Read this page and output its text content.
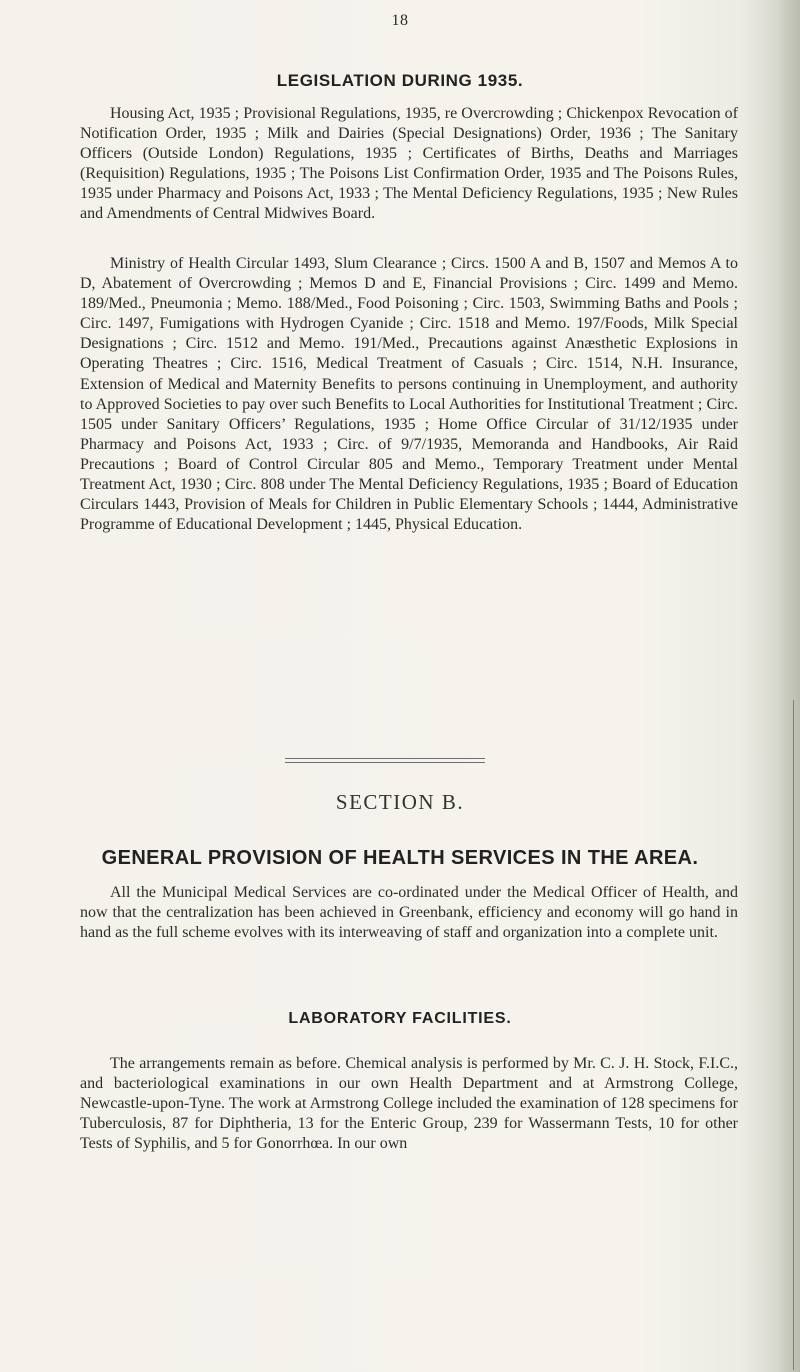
18
LEGISLATION DURING 1935.

Housing Act, 1935 ; Provisional Regulations, 1935, re Overcrowding ; Chickenpox Revocation of Notification Order, 1935 ; Milk and Dairies (Special Designations) Order, 1936 ; The Sanitary Officers (Outside London) Regulations, 1935 ; Certificates of Births, Deaths and Marriages (Requisition) Regulations, 1935 ; The Poisons List Confirmation Order, 1935 and The Poisons Rules, 1935 under Pharmacy and Poisons Act, 1933 ; The Mental Deficiency Regulations, 1935 ; New Rules and Amendments of Central Midwives Board.

Ministry of Health Circular 1493, Slum Clearance ; Circs. 1500 A and B, 1507 and Memos A to D, Abatement of Overcrowding ; Memos D and E, Financial Provisions ; Circ. 1499 and Memo. 189/Med., Pneumonia ; Memo. 188/Med., Food Poisoning ; Circ. 1503, Swimming Baths and Pools ; Circ. 1497, Fumigations with Hydrogen Cyanide ; Circ. 1518 and Memo. 197/Foods, Milk Special Designations ; Circ. 1512 and Memo. 191/Med., Precautions against Anæsthetic Explosions in Operating Theatres ; Circ. 1516, Medical Treatment of Casuals ; Circ. 1514, N.H. Insurance, Extension of Medical and Maternity Benefits to persons continuing in Unemployment, and authority to Approved Societies to pay over such Benefits to Local Authorities for Institutional Treatment ; Circ. 1505 under Sanitary Officers’ Regulations, 1935 ; Home Office Circular of 31/12/1935 under Pharmacy and Poisons Act, 1933 ; Circ. of 9/7/1935, Memoranda and Handbooks, Air Raid Precautions ; Board of Control Circular 805 and Memo., Temporary Treatment under Mental Treatment Act, 1930 ; Circ. 808 under The Mental Deficiency Regulations, 1935 ; Board of Education Circulars 1443, Provision of Meals for Children in Public Elementary Schools ; 1444, Administrative Programme of Educational Development ; 1445, Physical Education.

SECTION B.
GENERAL PROVISION OF HEALTH SERVICES IN THE AREA.

All the Municipal Medical Services are co-ordinated under the Medical Officer of Health, and now that the centralization has been achieved in Greenbank, efficiency and economy will go hand in hand as the full scheme evolves with its interweaving of staff and organization into a complete unit.

LABORATORY FACILITIES.

The arrangements remain as before. Chemical analysis is performed by Mr. C. J. H. Stock, F.I.C., and bacteriological examinations in our own Health Department and at Armstrong College, Newcastle-upon-Tyne. The work at Armstrong College included the examination of 128 specimens for Tuberculosis, 87 for Diphtheria, 13 for the Enteric Group, 239 for Wassermann Tests, 10 for other Tests of Syphilis, and 5 for Gonorrhœa. In our own
